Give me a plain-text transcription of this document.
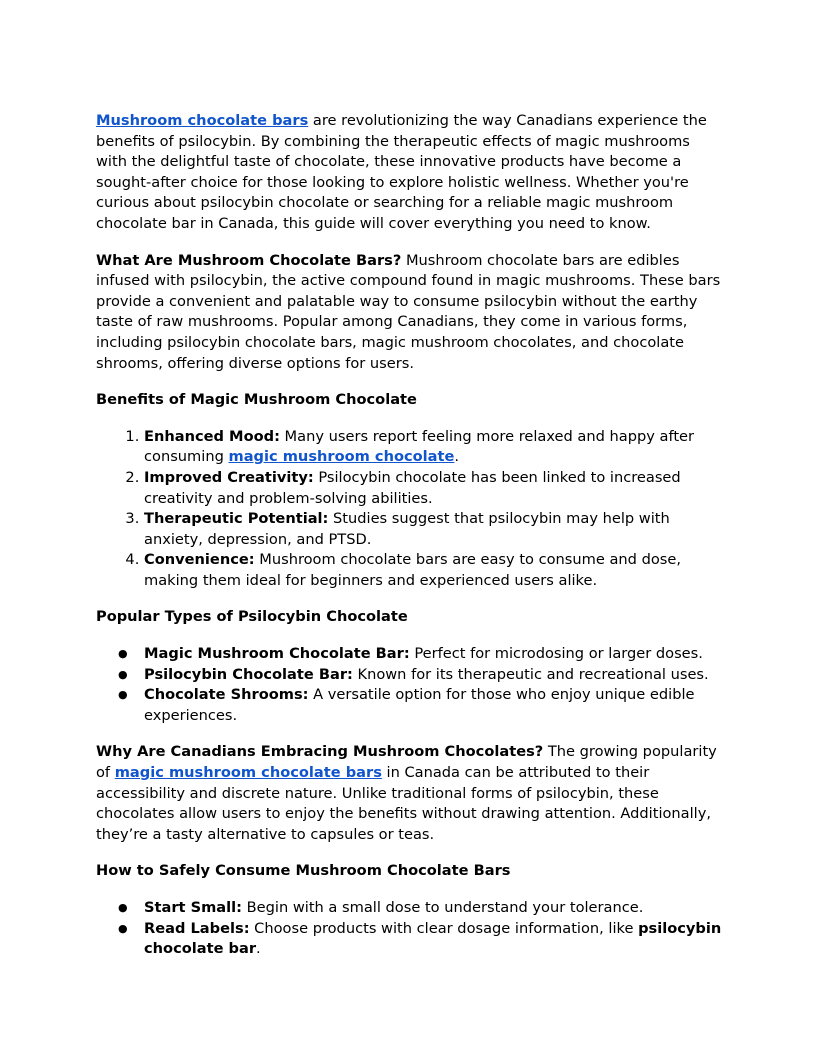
Mushroom chocolate bars are revolutionizing the way Canadians experience the benefits of psilocybin. By combining the therapeutic effects of magic mushrooms with the delightful taste of chocolate, these innovative products have become a sought-after choice for those looking to explore holistic wellness. Whether you're curious about psilocybin chocolate or searching for a reliable magic mushroom chocolate bar in Canada, this guide will cover everything you need to know.

What Are Mushroom Chocolate Bars? Mushroom chocolate bars are edibles infused with psilocybin, the active compound found in magic mushrooms. These bars provide a convenient and palatable way to consume psilocybin without the earthy taste of raw mushrooms. Popular among Canadians, they come in various forms, including psilocybin chocolate bars, magic mushroom chocolates, and chocolate shrooms, offering diverse options for users.

Benefits of Magic Mushroom Chocolate
1. Enhanced Mood: Many users report feeling more relaxed and happy after consuming magic mushroom chocolate.
2. Improved Creativity: Psilocybin chocolate has been linked to increased creativity and problem-solving abilities.
3. Therapeutic Potential: Studies suggest that psilocybin may help with anxiety, depression, and PTSD.
4. Convenience: Mushroom chocolate bars are easy to consume and dose, making them ideal for beginners and experienced users alike.
Popular Types of Psilocybin Chocolate
● Magic Mushroom Chocolate Bar: Perfect for microdosing or larger doses.
● Psilocybin Chocolate Bar: Known for its therapeutic and recreational uses.
● Chocolate Shrooms: A versatile option for those who enjoy unique edible experiences.

Why Are Canadians Embracing Mushroom Chocolates? The growing popularity of magic mushroom chocolate bars in Canada can be attributed to their accessibility and discrete nature. Unlike traditional forms of psilocybin, these chocolates allow users to enjoy the benefits without drawing attention. Additionally, they’re a tasty alternative to capsules or teas.

How to Safely Consume Mushroom Chocolate Bars
● Start Small: Begin with a small dose to understand your tolerance.
● Read Labels: Choose products with clear dosage information, like psilocybin chocolate bar.
